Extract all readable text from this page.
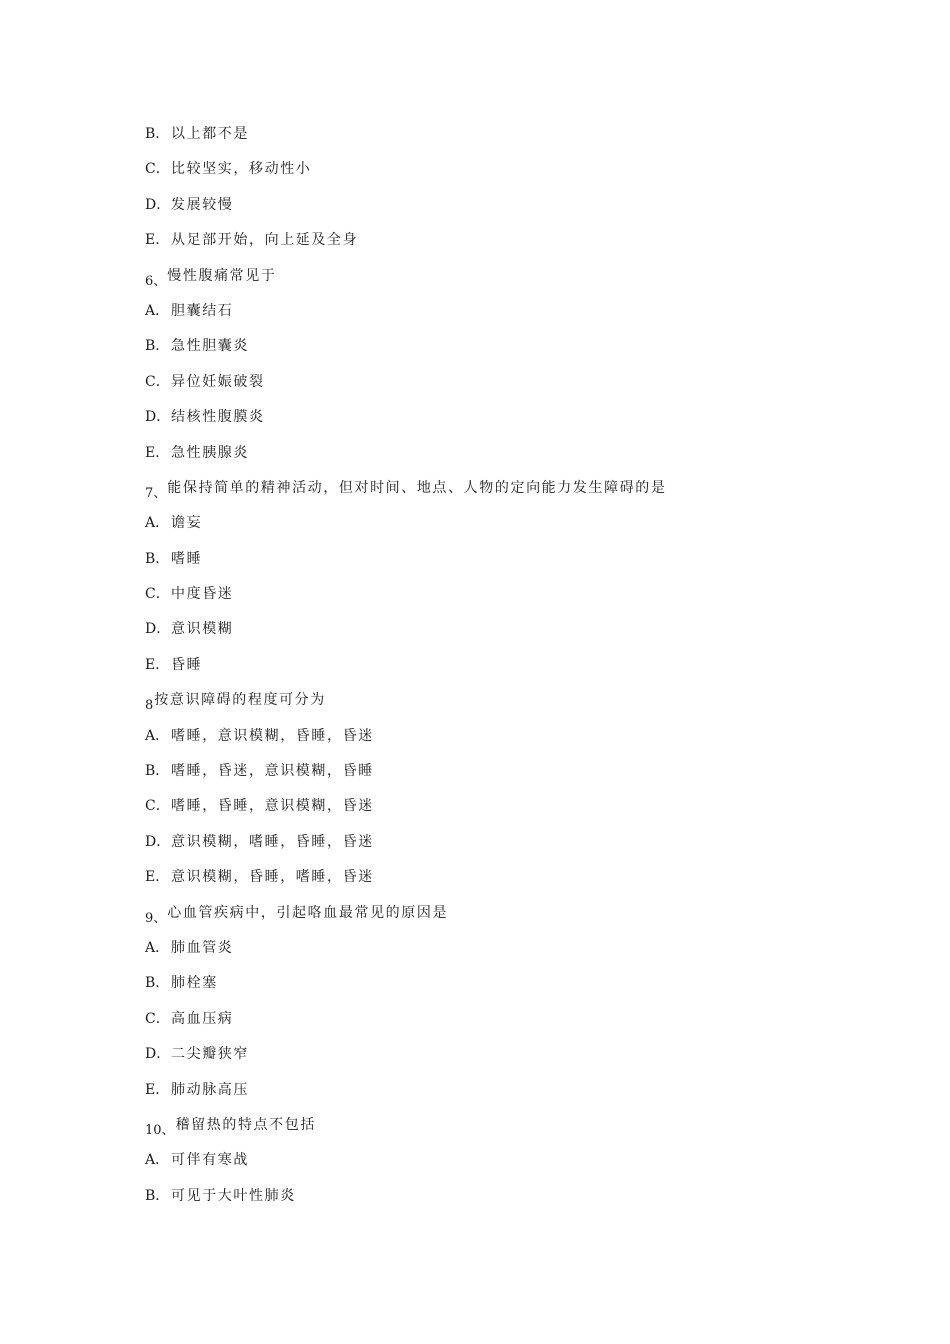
B． 以上都不是
C．比较坚实，移动性小
D．发展较慢
E． 从足部开始，向上延及全身
6、慢性腹痛常见于
A． 胆囊结石
B． 急性胆囊炎
C．异位妊娠破裂
D．结核性腹膜炎
E． 急性胰腺炎
7、能保持简单的精神活动，但对时间、地点、人物的定向能力发生障碍的是
A． 谵妄
B． 嗜睡
C．中度昏迷
D．意识模糊
E． 昏睡
8按意识障碍的程度可分为
A． 嗜睡，意识模糊，昏睡，昏迷
B． 嗜睡，昏迷，意识模糊，昏睡
C．嗜睡，昏睡，意识模糊，昏迷
D．意识模糊，嗜睡，昏睡，昏迷
E． 意识模糊，昏睡，嗜睡，昏迷
9、心血管疾病中，引起咯血最常见的原因是
A． 肺血管炎
B． 肺栓塞
C．高血压病
D．二尖瓣狭窄
E． 肺动脉高压
10、稽留热的特点不包括
A． 可伴有寒战
B． 可见于大叶性肺炎
